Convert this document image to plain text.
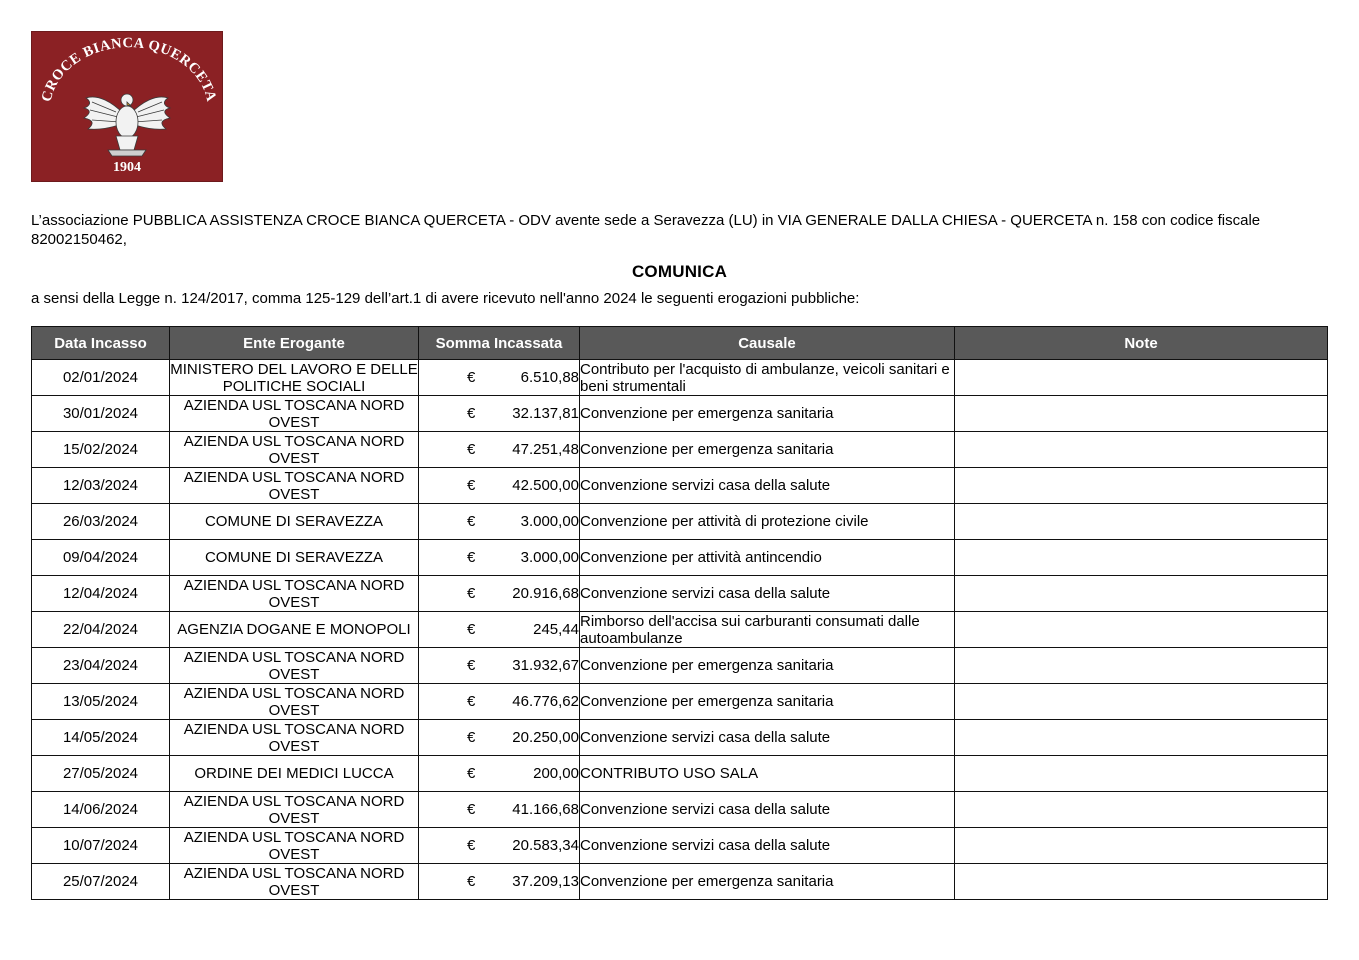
CROCE BIANCA QUERCETA
1904
L’associazione PUBBLICA ASSISTENZA CROCE BIANCA QUERCETA - ODV avente sede a Seravezza (LU) in VIA GENERALE DALLA CHIESA - QUERCETA n. 158 con codice fiscale 82002150462,
COMUNICA
a sensi della Legge n. 124/2017, comma 125-129 dell’art.1 di avere ricevuto nell'anno 2024 le seguenti erogazioni pubbliche:
Data Incasso	Ente Erogante	Somma Incassata	Causale	Note
02/01/2024	MINISTERO DEL LAVORO E DELLE POLITICHE SOCIALI	€ 6.510,88	Contributo per l'acquisto di ambulanze, veicoli sanitari e beni strumentali	
30/01/2024	AZIENDA USL TOSCANA NORD OVEST	€ 32.137,81	Convenzione per emergenza sanitaria	
15/02/2024	AZIENDA USL TOSCANA NORD OVEST	€ 47.251,48	Convenzione per emergenza sanitaria	
12/03/2024	AZIENDA USL TOSCANA NORD OVEST	€ 42.500,00	Convenzione servizi casa della salute	
26/03/2024	COMUNE DI SERAVEZZA	€ 3.000,00	Convenzione per attività di protezione civile	
09/04/2024	COMUNE DI SERAVEZZA	€ 3.000,00	Convenzione per attività antincendio	
12/04/2024	AZIENDA USL TOSCANA NORD OVEST	€ 20.916,68	Convenzione servizi casa della salute	
22/04/2024	AGENZIA DOGANE E MONOPOLI	€ 245,44	Rimborso dell'accisa sui carburanti consumati dalle autoambulanze	
23/04/2024	AZIENDA USL TOSCANA NORD OVEST	€ 31.932,67	Convenzione per emergenza sanitaria	
13/05/2024	AZIENDA USL TOSCANA NORD OVEST	€ 46.776,62	Convenzione per emergenza sanitaria	
14/05/2024	AZIENDA USL TOSCANA NORD OVEST	€ 20.250,00	Convenzione servizi casa della salute	
27/05/2024	ORDINE DEI MEDICI LUCCA	€ 200,00	CONTRIBUTO USO SALA	
14/06/2024	AZIENDA USL TOSCANA NORD OVEST	€ 41.166,68	Convenzione servizi casa della salute	
10/07/2024	AZIENDA USL TOSCANA NORD OVEST	€ 20.583,34	Convenzione servizi casa della salute	
25/07/2024	AZIENDA USL TOSCANA NORD OVEST	€ 37.209,13	Convenzione per emergenza sanitaria	
